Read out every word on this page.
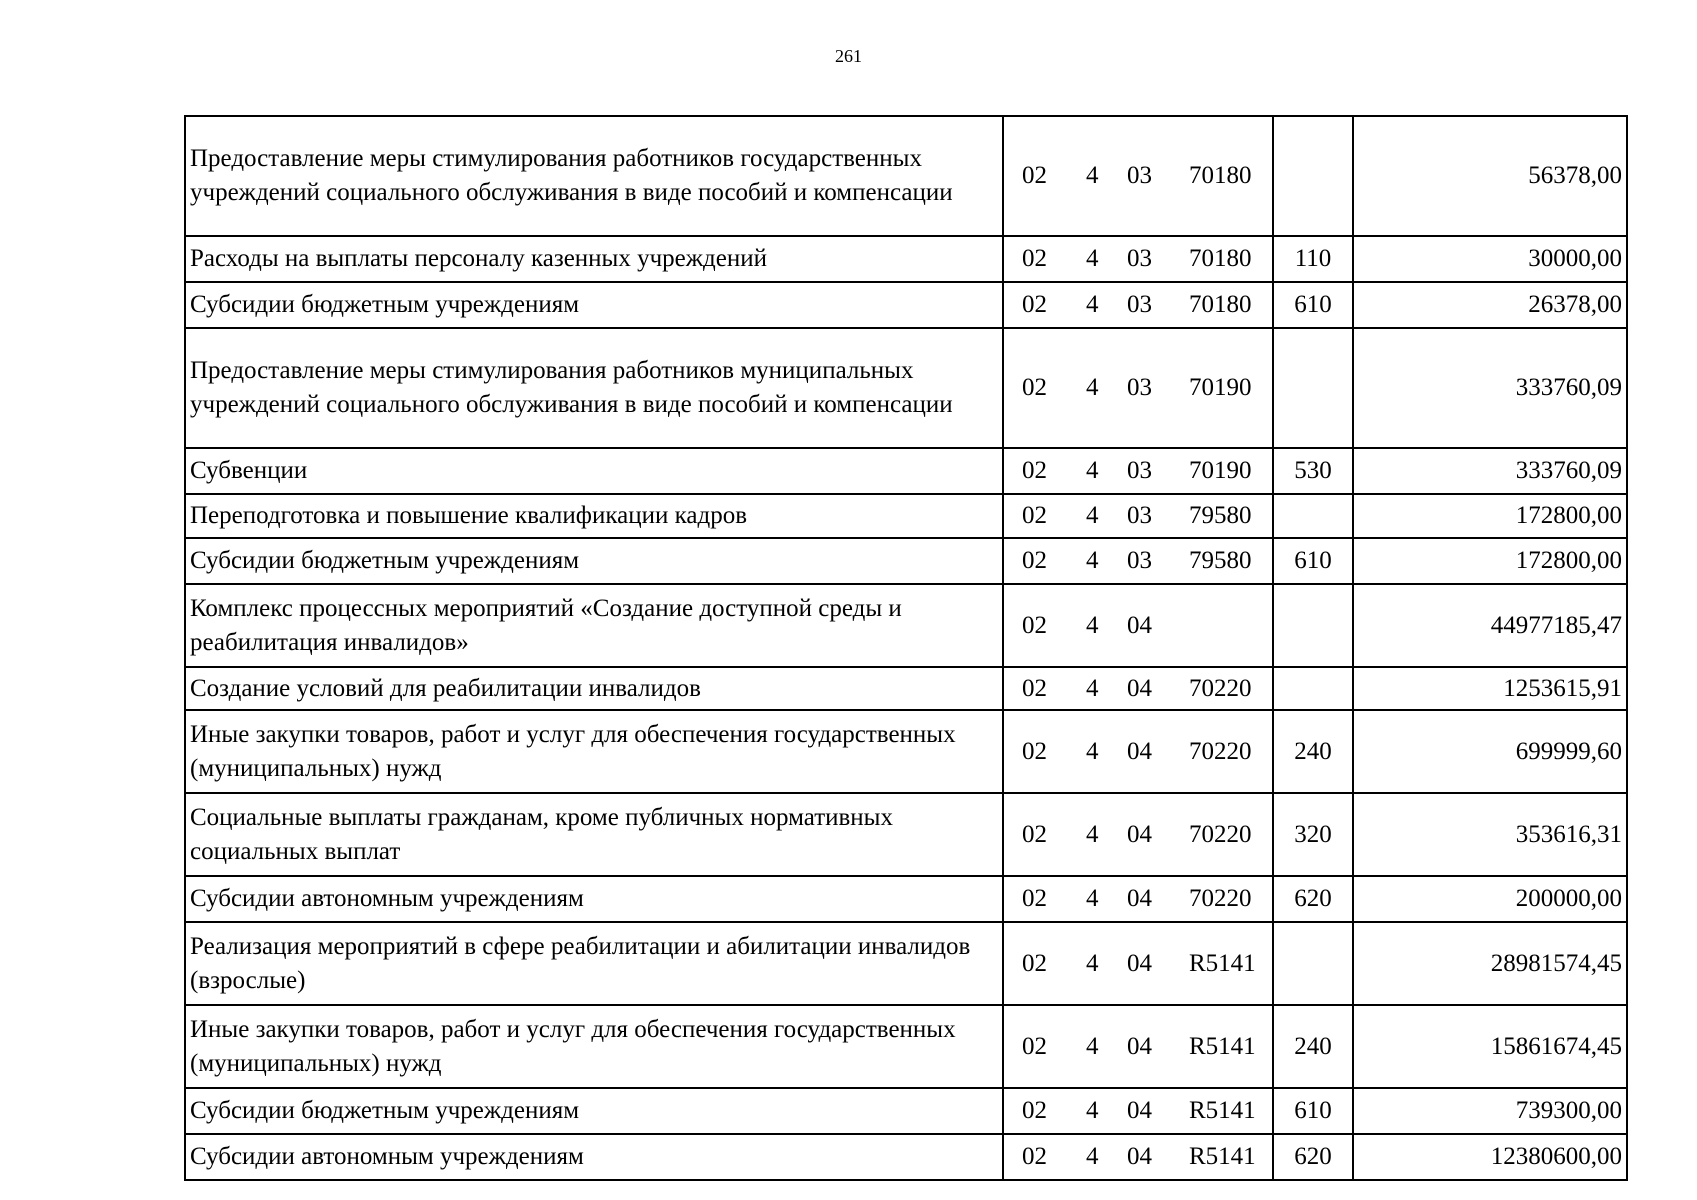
261
Предоставление меры стимулирования работников государственных учреждений социального обслуживания в виде пособий и компенсации	02 4 03 70180		56378,00
Расходы на выплаты персоналу казенных учреждений	02 4 03 70180	110	30000,00
Субсидии бюджетным учреждениям	02 4 03 70180	610	26378,00
Предоставление меры стимулирования работников муниципальных учреждений социального обслуживания в виде пособий и компенсации	02 4 03 70190		333760,09
Субвенции	02 4 03 70190	530	333760,09
Переподготовка и повышение квалификации кадров	02 4 03 79580		172800,00
Субсидии бюджетным учреждениям	02 4 03 79580	610	172800,00
Комплекс процессных мероприятий «Создание доступной среды и реабилитация инвалидов»	02 4 04		44977185,47
Создание условий для реабилитации инвалидов	02 4 04 70220		1253615,91
Иные закупки товаров, работ и услуг для обеспечения государственных (муниципальных) нужд	02 4 04 70220	240	699999,60
Социальные выплаты гражданам, кроме публичных нормативных социальных выплат	02 4 04 70220	320	353616,31
Субсидии автономным учреждениям	02 4 04 70220	620	200000,00
Реализация мероприятий в сфере реабилитации и абилитации инвалидов (взрослые)	02 4 04 R5141		28981574,45
Иные закупки товаров, работ и услуг для обеспечения государственных (муниципальных) нужд	02 4 04 R5141	240	15861674,45
Субсидии бюджетным учреждениям	02 4 04 R5141	610	739300,00
Субсидии автономным учреждениям	02 4 04 R5141	620	12380600,00
